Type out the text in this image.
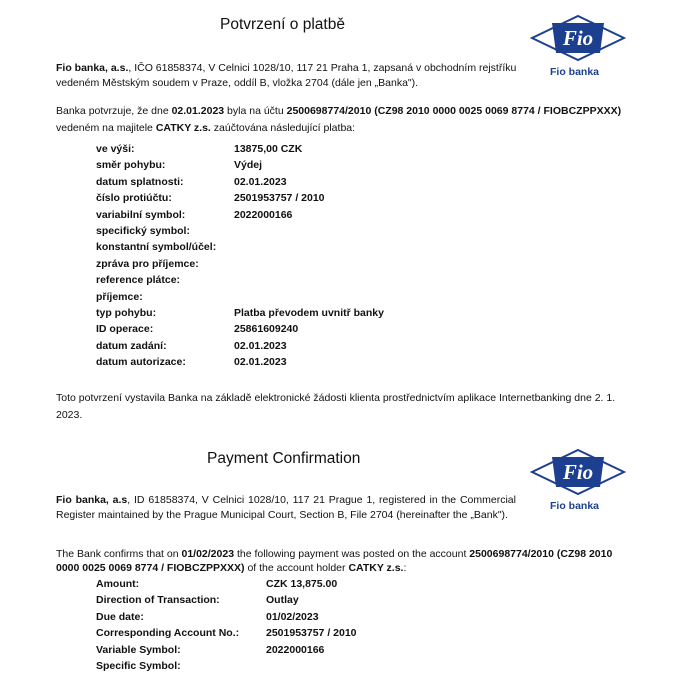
Potvrzení o platbě
Fio
Fio banka
Fio banka, a.s., IČO 61858374, V Celnici 1028/10, 117 21 Praha 1, zapsaná v obchodním rejstříku vedeném Městským soudem v Praze, oddíl B, vložka 2704 (dále jen „Banka").
Banka potvrzuje, že dne 02.01.2023 byla na účtu 2500698774/2010 (CZ98 2010 0000 0025 0069 8774 / FIOBCZPPXXX) vedeném na majitele CATKY z.s. zaúčtována následující platba:
ve výši:	13875,00 CZK
směr pohybu:	Výdej
datum splatnosti:	02.01.2023
číslo protiúčtu:	2501953757 / 2010
variabilní symbol:	2022000166
specifický symbol:
konstantní symbol/účel:
zpráva pro příjemce:
reference plátce:
příjemce:
typ pohybu:	Platba převodem uvnitř banky
ID operace:	25861609240
datum zadání:	02.01.2023
datum autorizace:	02.01.2023
Toto potvrzení vystavila Banka na základě elektronické žádosti klienta prostřednictvím aplikace Internetbanking dne 2. 1. 2023.
Payment Confirmation
Fio
Fio banka
Fio banka, a.s, ID 61858374, V Celnici 1028/10, 117 21 Prague 1, registered in the Commercial Register maintained by the Prague Municipal Court, Section B, File 2704 (hereinafter the „Bank").
The Bank confirms that on 01/02/2023 the following payment was posted on the account 2500698774/2010 (CZ98 2010 0000 0025 0069 8774 / FIOBCZPPXXX) of the account holder CATKY z.s.:
Amount:	CZK 13,875.00
Direction of Transaction:	Outlay
Due date:	01/02/2023
Corresponding Account No.:	2501953757 / 2010
Variable Symbol:	2022000166
Specific Symbol:
